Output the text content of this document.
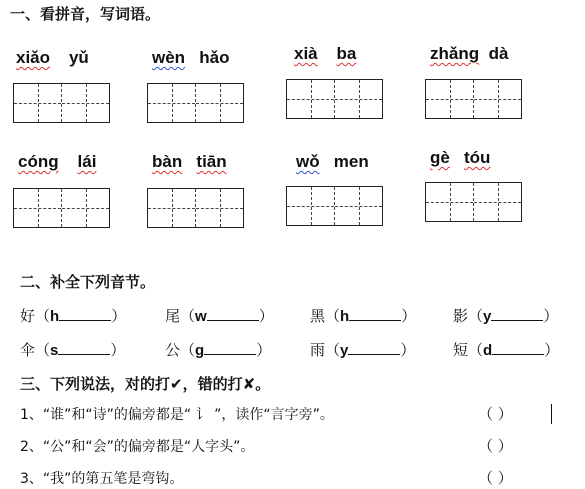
一、看拼音，写词语。
xiǎo yǔ	wèn hǎo	xià ba	zhǎng dà
cóng lái	bàn tiān	wǒ men	gè tóu
二、补全下列音节。
好（h	）	尾（w	） 黑（h	） 影（y	）
伞（s	）	公（g	）	雨（y	）	短（d	）
三、下列说法，对的打✔，错的打✘。
1、“谁”和“诗”的偏旁都是“ 讠 ”，读作“言字旁”。	（ ）
2、“公”和“会”的偏旁都是“人字头”。	（ ）
3、“我”的第五笔是弯钩。	（ ）
